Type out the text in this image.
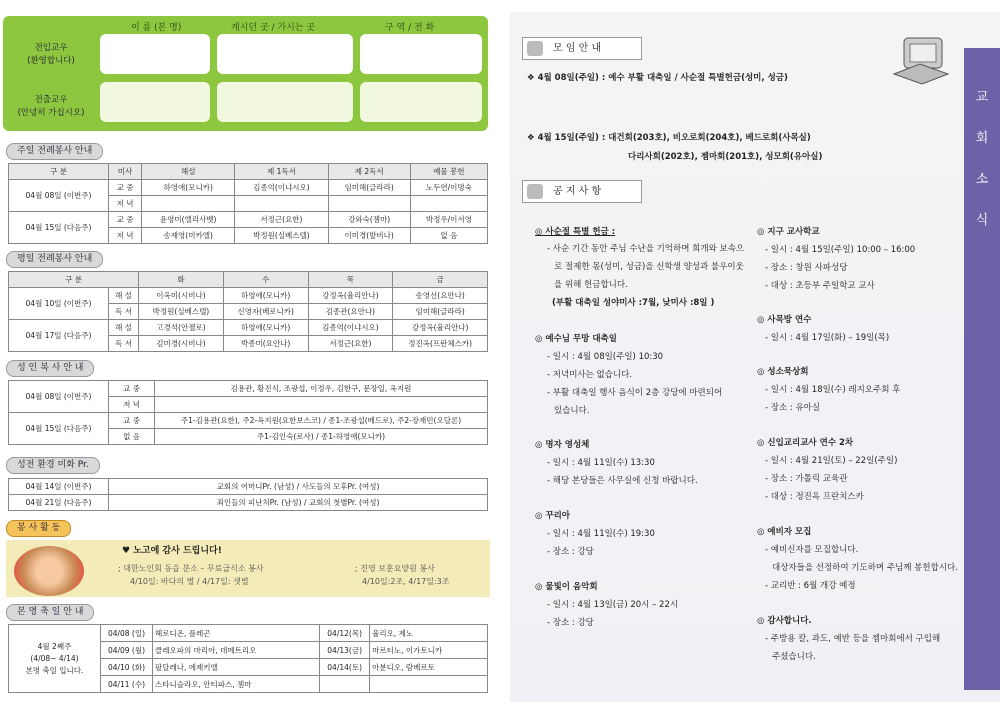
이 름 (본 명)	계시던 곳 / 가시는 곳	구 역 / 전 화
전입교우
(환영합니다)
전출교우
(안녕히 가십시오)
주일 전례봉사 안내
구 분	미사	해설	제 1독서	제 2독서	예물 봉헌
04월 08일 (이번주)	교 중	하영애(모니카)	김종억(이냐시오)	임미해(글라라)	노두연/이명숙
	저 녁				
04월 15일 (다음주)	교 중	윤영미(엘리사벳)	서정근(요한)	강와숙(젬마)	박정우/이서영
	저 녁	송재영(미카엘)	박정원(실베스텔)	이미경(발비나)	없 음
평일 전례봉사 안내
구 분		화	수	목	금
04월 10일 (이번주)	해 설	이옥미(시비나)	하영애(모니카)	강정옥(율리안나)	송영선(요안나)
	독 서	박정원(실베스텔)	신영자(베로니카)	김종관(요안나)	임미해(글라라)
04월 17일 (다음주)	해 설	고경석(안젤로)	하영애(모니카)	김종억(이냐시오)	강정옥(율리안나)
	독 서	김미경(시비나)	박종미(요안나)	서정근(요한)	정진옥(프란체스카)
성 인 복 사 안 내
04월 08일 (이번주)	교 중	김용관, 황진식, 조광섭, 이정우, 김한구, 문장일, 옥지원
	저 녁	
04월 15일 (다음주)	교 중	주1-김용관(요한), 주2-옥지원(요한보스코) / 종1-조광섭(베드로), 주2-장재민(오달론)
	없 음	주1-김인숙(로사) / 종1-하영애(모니카)
성전 환경 미화 Pr.
04월 14일 (이번주)	교회의 어머니Pr. (남성) / 사도들의 모후Pr. (여성)
04월 21일 (다음주)	죄인들의 피난처Pr. (남성) / 교회의 첫별Pr. (여성)
봉 사 활 동
♥ 노고에 감사 드립니다!
; 대한노인회 동읍 분소 – 무료급식소 봉사	; 진영 보훈요양원 봉사
4/10일: 바다의 별 / 4/17일: 샛별	4/10일:2조, 4/17일:3조
본 명 축 일 안 내
4월 2째주
(4/08~ 4/14)
본명 축일 입니다.	04/08 (일)	헤로디온, 플레곤	04/12(목)	율리오, 제노
	04/09 (월)	클레오파의 마리아, 데메트리오	04/13(금)	마르티노, 이가토니카
	04/10 (화)	팔달레나, 에제키엘	04/14(토)	아분디오, 람베르토
	04/11 (수)	스타니슬라오, 안티파스, 젬마		
교
회
소
식
모 임 안 내
❖ 4월 08일(주일) : 예수 부활 대축일 / 사순절 특별헌금(성미, 성금)
❖ 4월 15일(주일) : 대건회(203호), 비오로회(204호), 베드로회(사목실)
다리사회(202호), 젬마회(201호), 성모회(유아실)
공 지 사 항
◎ 사순절 특별 헌금 :
- 사순 기간 동안 주님 수난을 기억하며 희개와 보속으
로 절제한 몫(성미, 성금)을 신학생 양성과 불우이웃
을 위해 헌금합니다.
(부활 대축일 성야미사 :7월, 낮미사 :8일 )
◎ 예수님 무망 대축일
- 일시 : 4월 08일(주일) 10:30
- 저녁미사는 없습니다.
- 부활 대축일 행사 음식이 2층 강당에 마련되어
있습니다.
◎ 명자 영성체
- 일시 : 4월 11일(수) 13:30
- 해당 본당들은 사무실에 신청 바랍니다.
◎ 꾸리아
- 일시 : 4월 11일(수) 19:30
- 장소 : 강당
◎ 물빛이 음악회
- 일시 : 4월 13일(금) 20시 – 22시
- 장소 : 강당
◎ 지구 교사학교
- 일시 : 4월 15일(주일) 10:00 – 16:00
- 장소 : 창원 사파성당
- 대상 : 초등부 주일학교 교사
◎ 사목방 연수
- 일시 : 4월 17일(화) – 19일(목)
◎ 성소묵상회
- 일시 : 4월 18일(수) 레지오주회 후
- 장소 : 유아실
◎ 신입교리교사 연수 2차
- 일시 : 4월 21일(토) – 22일(주일)
- 장소 : 가톨릭 교육관
- 대상 : 정진옥 프란치스카
◎ 예비자 모집
- 예비신자를 모집합니다.
대상자들을 선정하여 기도하며 주님께 봉헌합시다.
- 교리반 : 6월 개강 예정
◎ 감사합니다.
- 주방용 칼, 과도, 예반 등을 젬마회에서 구입해
주셨습니다.
